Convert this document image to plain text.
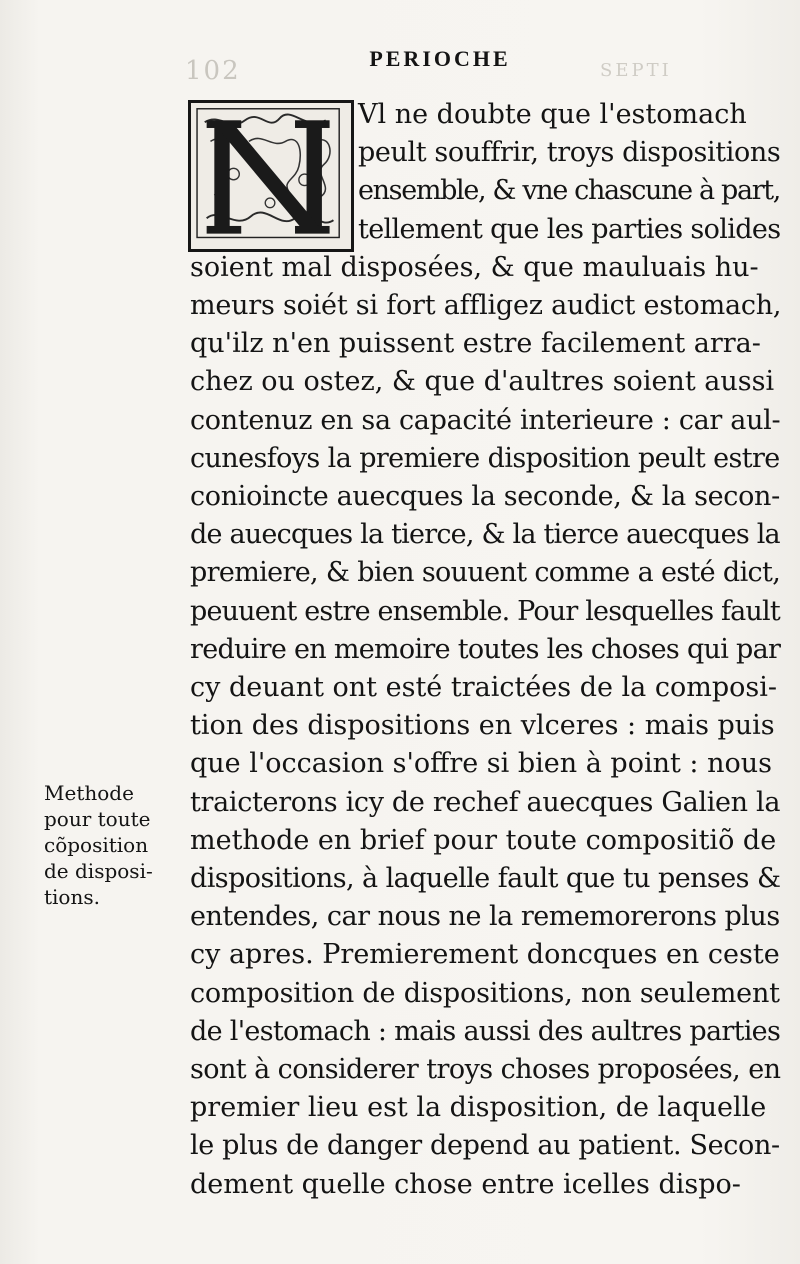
102	SEPTI
PERIOCHE
Vl ne doubte que l'estomach
peult souffrir, troys dispositions
ensemble, & vne chascune à part,
tellement que les parties solides
soient mal disposées, & que mauluais hu-
meurs soiét si fort affligez audict estomach,
qu'ilz n'en puissent estre facilement arra-
chez ou ostez, & que d'aultres soient aussi
contenuz en sa capacité interieure : car aul-
cunesfoys la premiere disposition peult estre
conioincte auecques la seconde, & la secon-
de auecques la tierce, & la tierce auecques la
premiere, & bien souuent comme a esté dict,
peuuent estre ensemble. Pour lesquelles fault
reduire en memoire toutes les choses qui par
cy deuant ont esté traictées de la composi-
tion des dispositions en vlceres : mais puis
que l'occasion s'offre si bien à point : nous
traicterons icy de rechef auecques Galien la
methode en brief pour toute compositiõ de
dispositions, à laquelle fault que tu penses &
entendes, car nous ne la rememorerons plus
cy apres. Premierement doncques en ceste
composition de dispositions, non seulement
de l'estomach : mais aussi des aultres parties
sont à considerer troys choses proposées, en
premier lieu est la disposition, de laquelle
le plus de danger depend au patient. Secon-
dement quelle chose entre icelles dispo-
Methode
pour toute
cõposition
de disposi-
tions.
